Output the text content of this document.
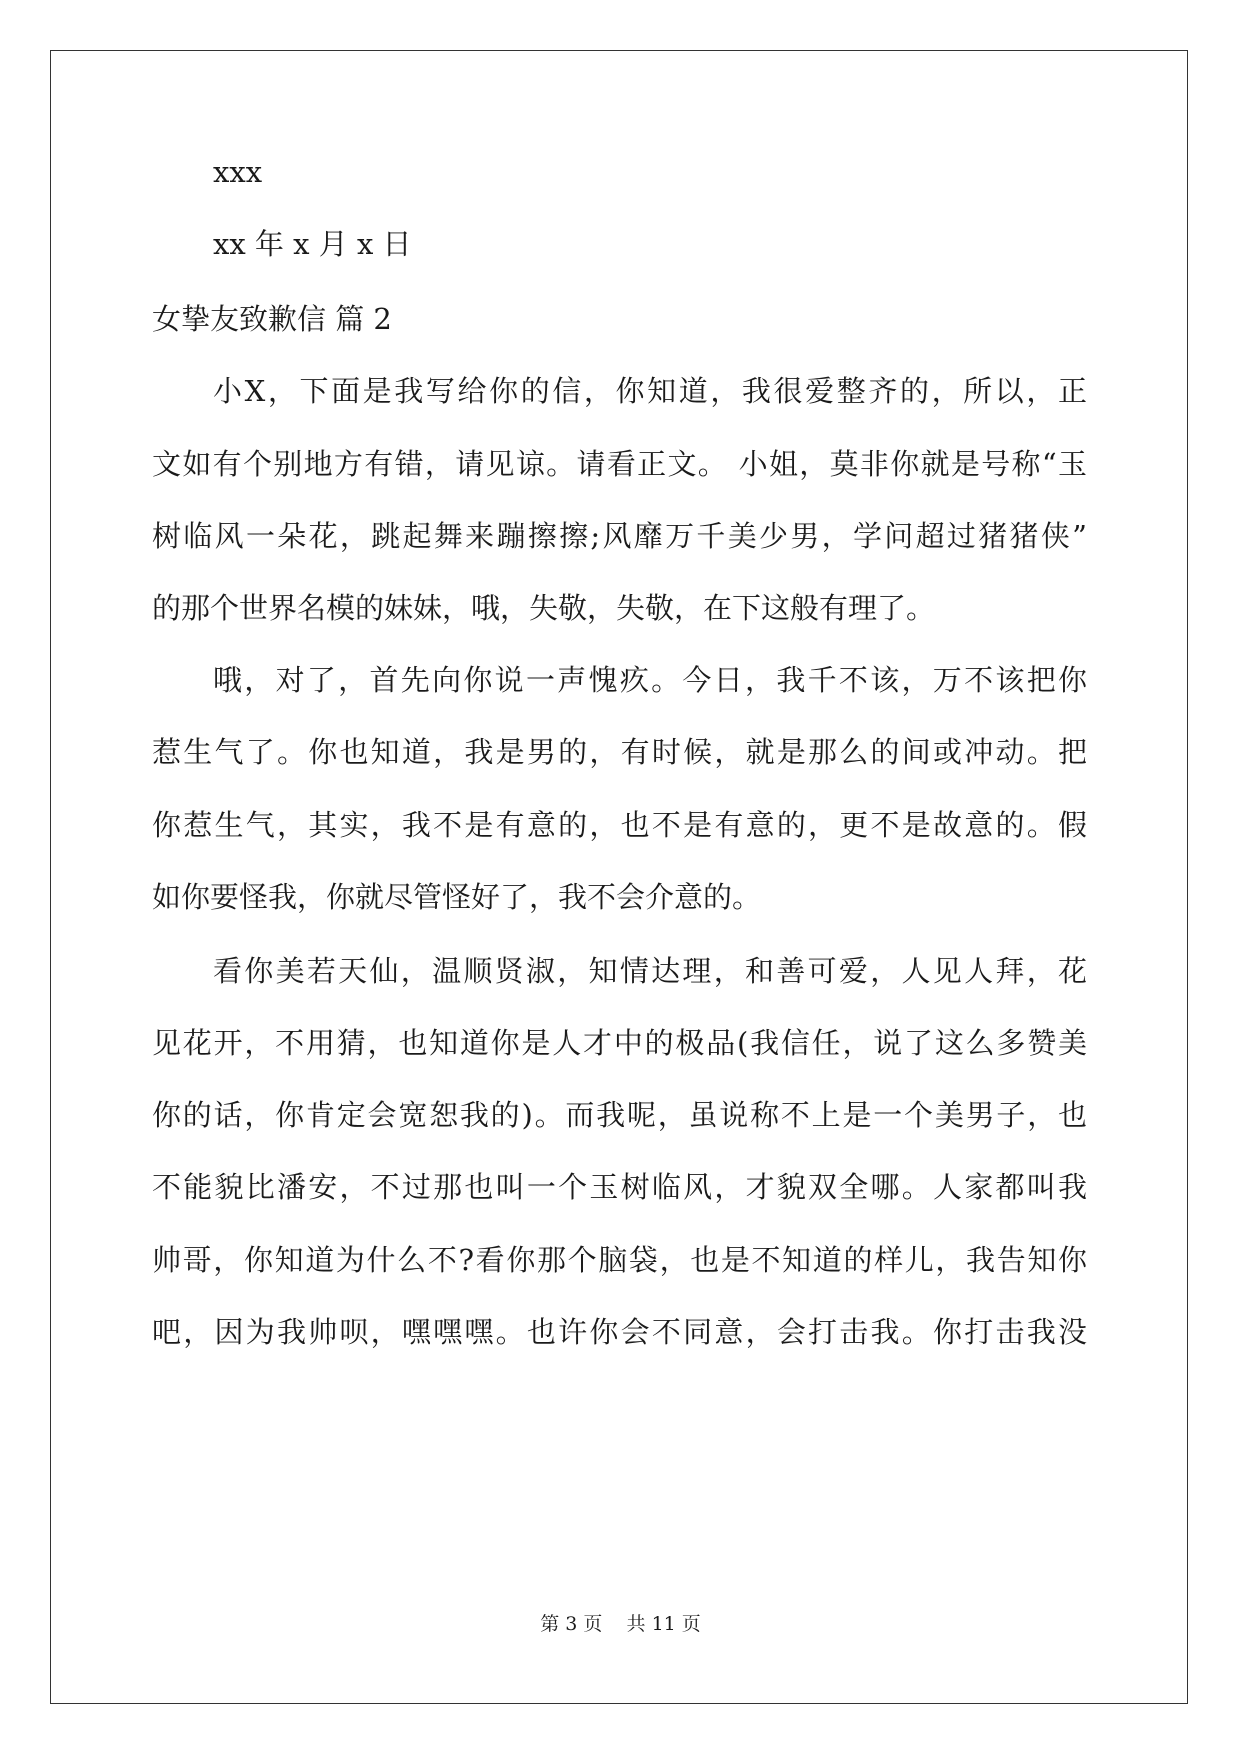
xxx
xx 年 x 月 x 日
女挚友致歉信 篇 2
小X，下面是我写给你的信，你知道，我很爱整齐的，所以，正
文如有个别地方有错，请见谅。请看正文。 小姐，莫非你就是号称“玉
树临风一朵花，跳起舞来蹦擦擦;风靡万千美少男，学问超过猪猪侠”
的那个世界名模的妹妹，哦，失敬，失敬，在下这般有理了。
哦，对了，首先向你说一声愧疚。今日，我千不该，万不该把你
惹生气了。你也知道，我是男的，有时候，就是那么的间或冲动。把
你惹生气，其实，我不是有意的，也不是有意的，更不是故意的。假
如你要怪我，你就尽管怪好了，我不会介意的。
看你美若天仙，温顺贤淑，知情达理，和善可爱，人见人拜，花
见花开，不用猜，也知道你是人才中的极品(我信任，说了这么多赞美
你的话，你肯定会宽恕我的)。而我呢，虽说称不上是一个美男子，也
不能貌比潘安，不过那也叫一个玉树临风，才貌双全哪。人家都叫我
帅哥，你知道为什么不?看你那个脑袋，也是不知道的样儿，我告知你
吧，因为我帅呗，嘿嘿嘿。也许你会不同意，会打击我。你打击我没
第 3 页 共 11 页
